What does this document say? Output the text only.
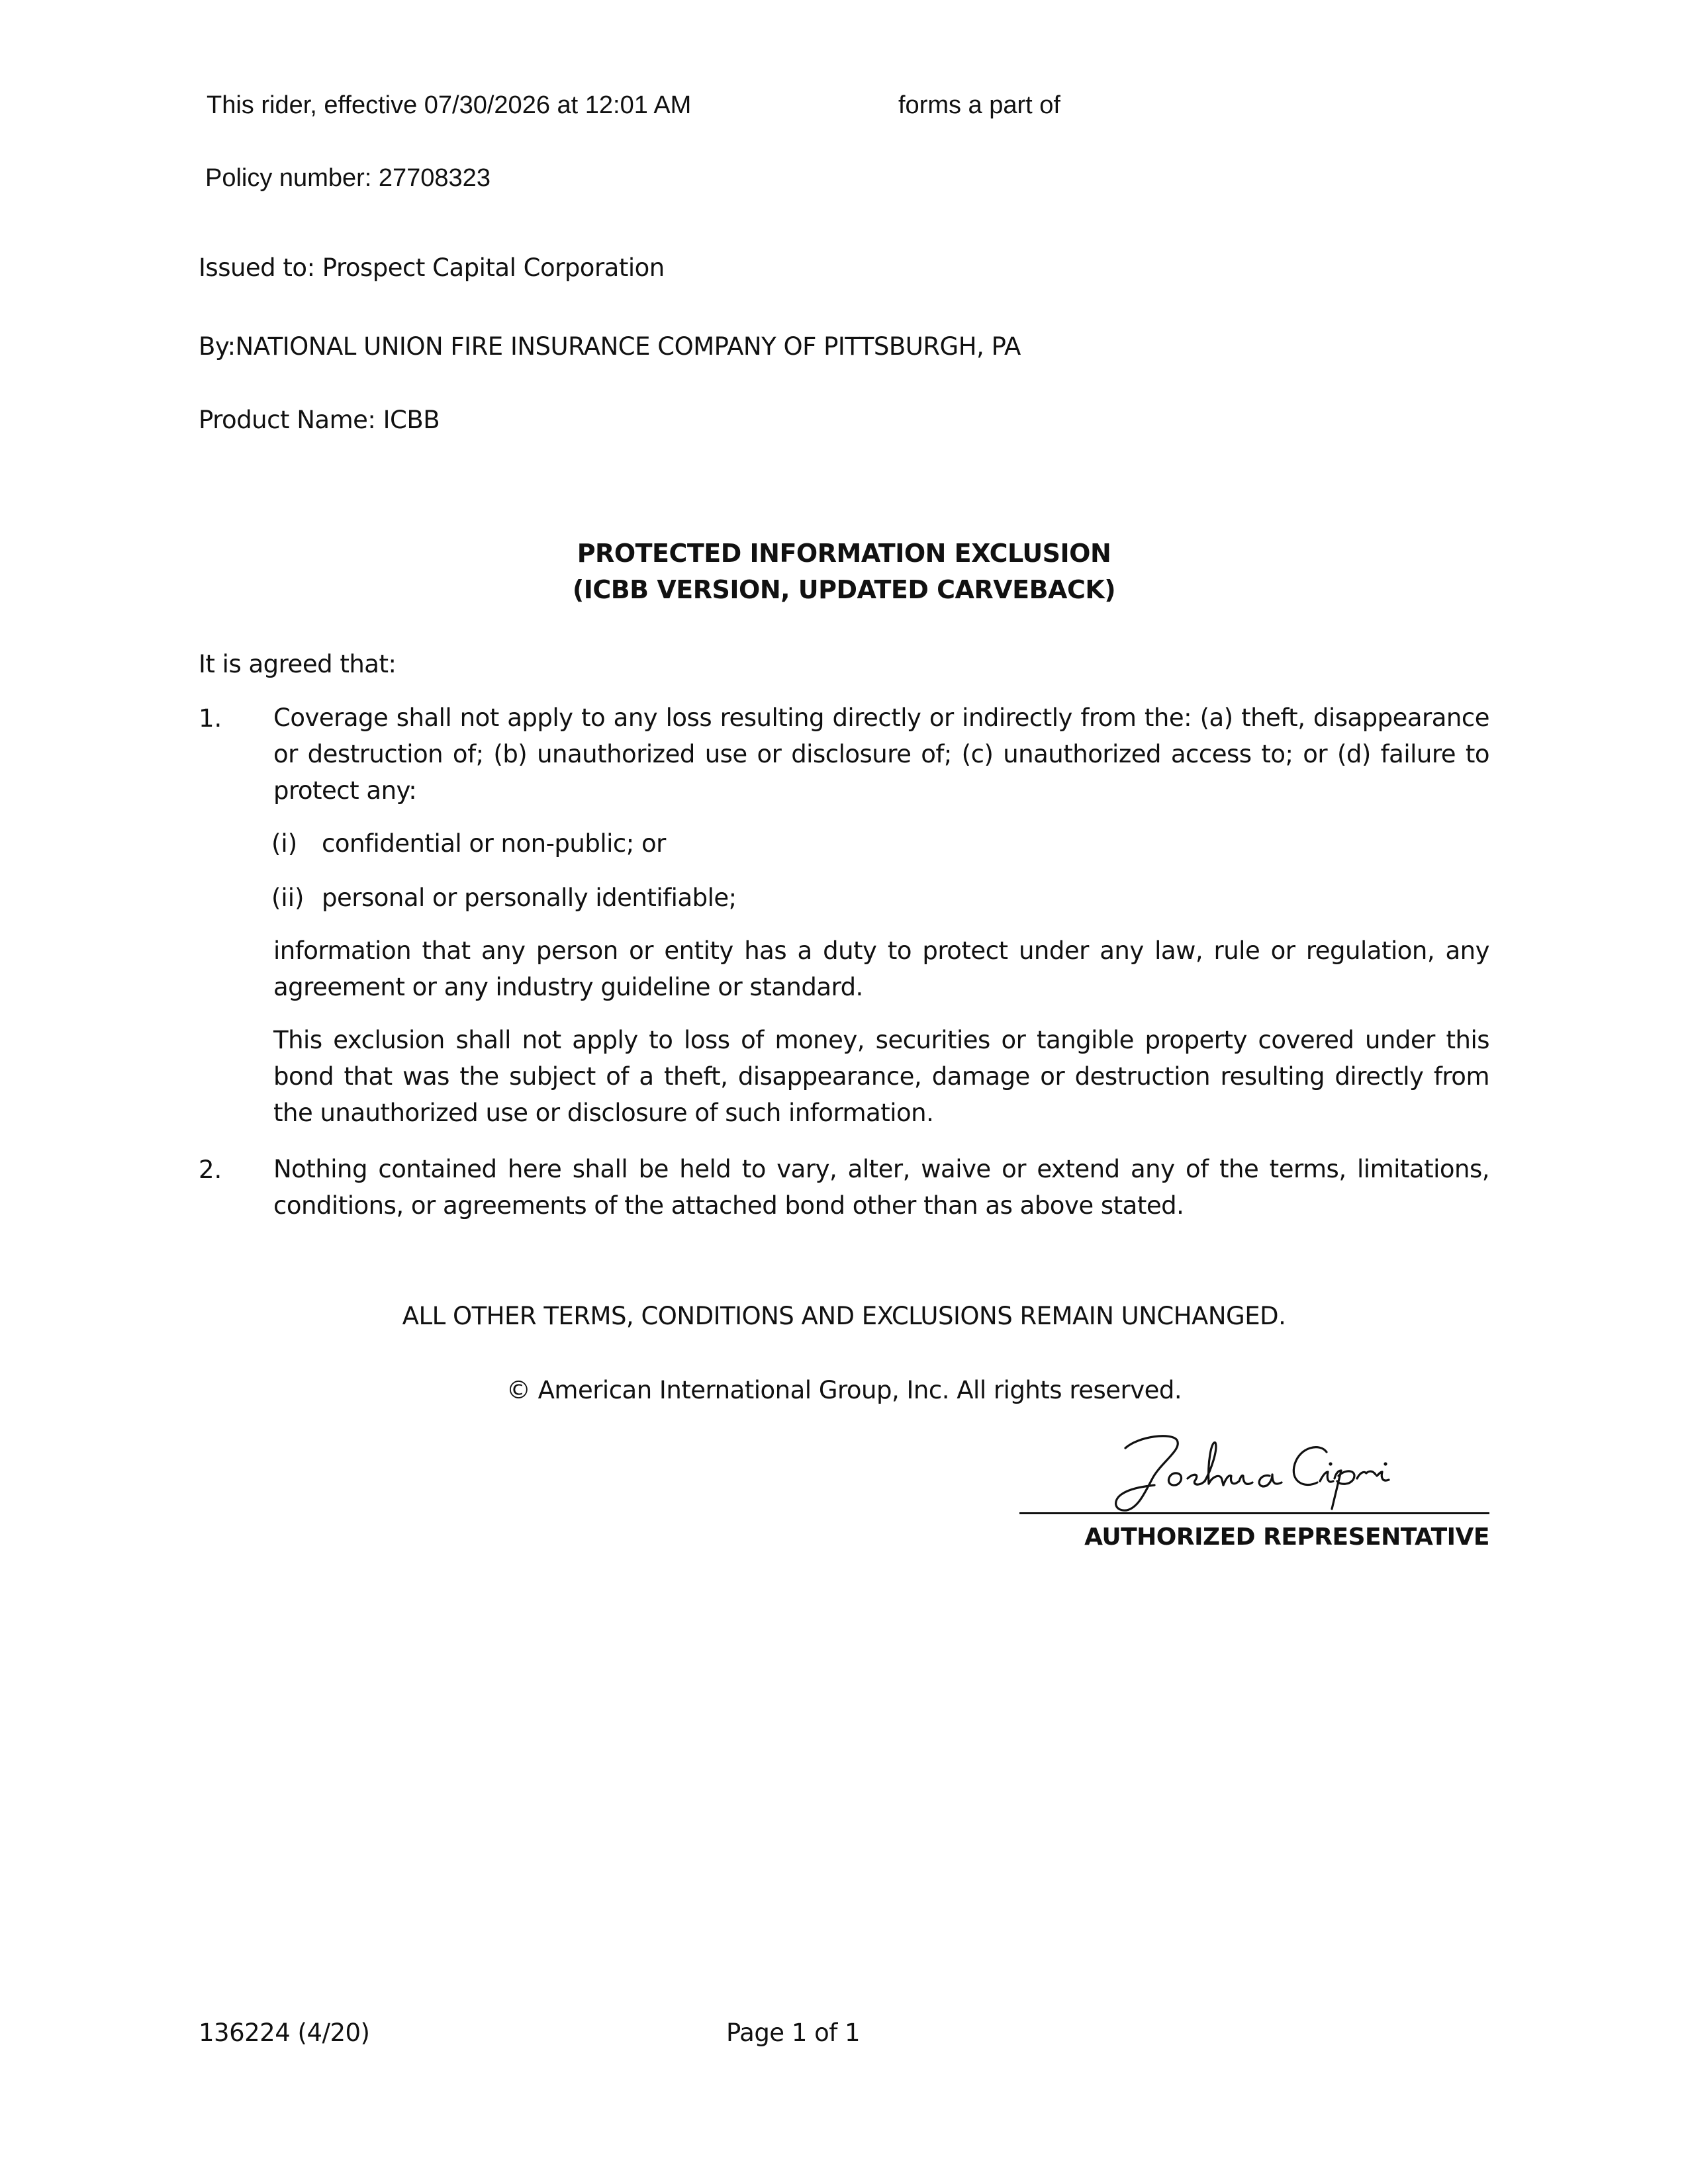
This rider, effective 07/30/2026 at 12:01 AM	forms a part of
Policy number: 27708323
Issued to: Prospect Capital Corporation
By:NATIONAL UNION FIRE INSURANCE COMPANY OF PITTSBURGH, PA
Product Name: ICBB
PROTECTED INFORMATION EXCLUSION
(ICBB VERSION, UPDATED CARVEBACK)
It is agreed that:
1. Coverage shall not apply to any loss resulting directly or indirectly from the: (a) theft, disappearance or destruction of; (b) unauthorized use or disclosure of; (c) unauthorized access to; or (d) failure to protect any:
(i) confidential or non-public; or
(ii) personal or personally identifiable;
information that any person or entity has a duty to protect under any law, rule or regulation, any agreement or any industry guideline or standard.
This exclusion shall not apply to loss of money, securities or tangible property covered under this bond that was the subject of a theft, disappearance, damage or destruction resulting directly from the unauthorized use or disclosure of such information.
2. Nothing contained here shall be held to vary, alter, waive or extend any of the terms, limitations, conditions, or agreements of the attached bond other than as above stated.
ALL OTHER TERMS, CONDITIONS AND EXCLUSIONS REMAIN UNCHANGED.
© American International Group, Inc. All rights reserved.
AUTHORIZED REPRESENTATIVE
136224 (4/20)	Page 1 of 1
